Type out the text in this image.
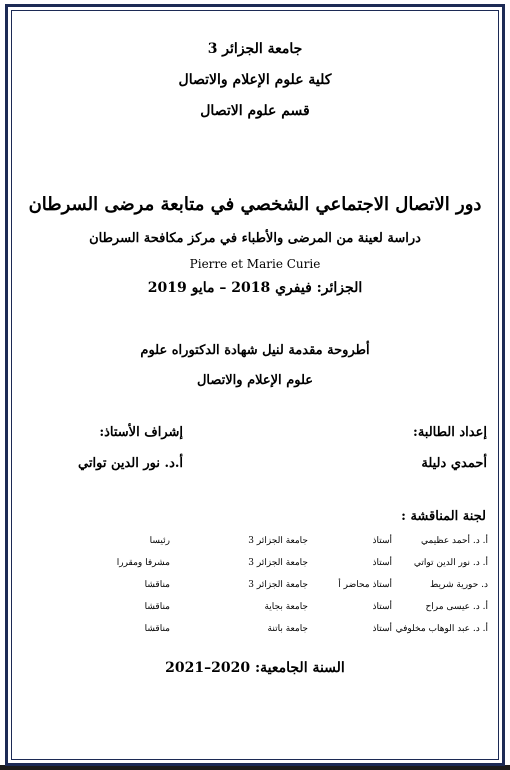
جامعة الجزائر 3
كلية علوم الإعلام والاتصال
قسم علوم الاتصال
دور الاتصال الاجتماعي الشخصي في متابعة مرضى السرطان
دراسة لعينة من المرضى والأطباء في مركز مكافحة السرطان
Pierre et Marie Curie
الجزائر: فيفري 2018 – مايو 2019
أطروحة مقدمة لنيل شهادة الدكتوراه علوم
علوم الإعلام والاتصال
إعداد الطالبة:
أحمدي دليلة
إشراف الأستاذ:
أ.د. نور الدين تواتي
لجنة المناقشة :
أ. د. أحمد عظيمي	أستاذ	جامعة الجزائر 3	رئيسا
أ. د. نور الدين تواتي	أستاذ	جامعة الجزائر 3	مشرفا ومقررا
د. حورية شريط	أستاذ محاضر أ	جامعة الجزائر 3	مناقشا
أ. د. عيسى مراح	أستاذ	جامعة بجاية	مناقشا
أ. د. عبد الوهاب مخلوفي	أستاذ	جامعة باتنة	مناقشا
السنة الجامعية: 2020–2021
